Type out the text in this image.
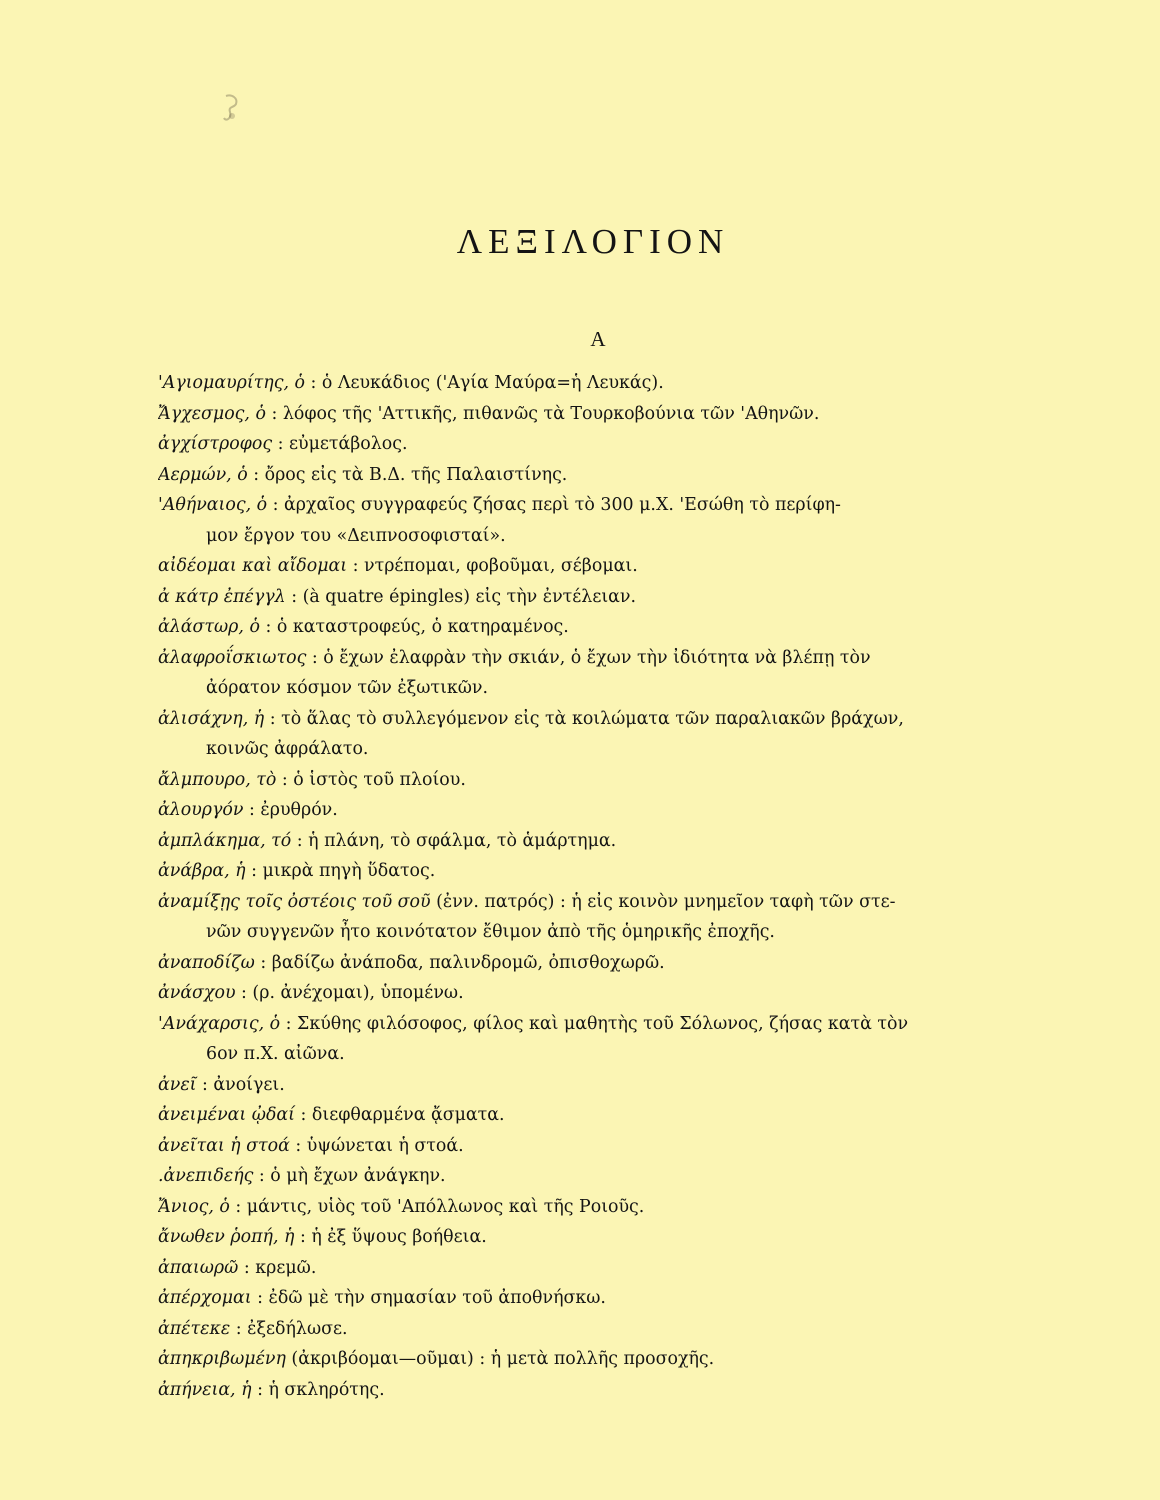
ΛΕΞΙΛΟΓΙΟΝ
Α
'Αγιομαυρίτης, ὁ : ὁ Λευκάδιος ('Αγία Μαύρα=ἡ Λευκάς).
Ἄγχεσμος, ὁ : λόφος τῆς 'Αττικῆς, πιθανῶς τὰ Τουρκοβούνια τῶν 'Αθηνῶν.
ἀγχίστροφος : εὐμετάβολος.
Αερμών, ὁ : ὄρος εἰς τὰ Β.Δ. τῆς Παλαιστίνης.
'Αθήναιος, ὁ : ἀρχαῖος συγγραφεύς ζήσας περὶ τὸ 300 μ.Χ. 'Εσώθη τὸ περίφη-
μον ἔργον του «Δειπνοσοφισταί».
αἰδέομαι καὶ αἴδομαι : ντρέπομαι, φοβοῦμαι, σέβομαι.
ἀ κάτρ ἐπέγγλ : (à quatre épingles) εἰς τὴν ἐντέλειαν.
ἀλάστωρ, ὁ : ὁ καταστροφεύς, ὁ κατηραμένος.
ἀλαφροΐσκιωτος : ὁ ἔχων ἐλαφρὰν τὴν σκιάν, ὁ ἔχων τὴν ἰδιότητα νὰ βλέπῃ τὸν
ἀόρατον κόσμον τῶν ἐξωτικῶν.
ἀλισάχνη, ἡ : τὸ ἅλας τὸ συλλεγόμενον εἰς τὰ κοιλώματα τῶν παραλιακῶν βράχων,
κοινῶς ἀφράλατο.
ἄλμπουρο, τὸ : ὁ ἱστὸς τοῦ πλοίου.
ἀλουργόν : ἐρυθρόν.
ἀμπλάκημα, τό : ἡ πλάνη, τὸ σφάλμα, τὸ ἁμάρτημα.
ἀνάβρα, ἡ : μικρὰ πηγὴ ὕδατος.
ἀναμίξῃς τοῖς ὀστέοις τοῦ σοῦ (ἐνν. πατρός) : ἡ εἰς κοινὸν μνημεῖον ταφὴ τῶν στε-
νῶν συγγενῶν ἦτο κοινότατον ἔθιμον ἀπὸ τῆς ὁμηρικῆς ἐποχῆς.
ἀναποδίζω : βαδίζω ἀνάποδα, παλινδρομῶ, ὀπισθοχωρῶ.
ἀνάσχου : (ρ. ἀνέχομαι), ὑπομένω.
'Ανάχαρσις, ὁ : Σκύθης φιλόσοφος, φίλος καὶ μαθητὴς τοῦ Σόλωνος, ζήσας κατὰ τὸν
6ον π.Χ. αἰῶνα.
ἀνεῖ : ἀνοίγει.
ἀνειμέναι ᾠδαί : διεφθαρμένα ᾄσματα.
ἀνεῖται ἡ στοά : ὑψώνεται ἡ στοά.
.ἀνεπιδεής : ὁ μὴ ἔχων ἀνάγκην.
Ἄνιος, ὁ : μάντις, υἱὸς τοῦ 'Απόλλωνος καὶ τῆς Ροιοῦς.
ἄνωθεν ῥοπή, ἡ : ἡ ἐξ ὕψους βοήθεια.
ἀπαιωρῶ : κρεμῶ.
ἀπέρχομαι : ἐδῶ μὲ τὴν σημασίαν τοῦ ἀποθνήσκω.
ἀπέτεκε : ἐξεδήλωσε.
ἀπηκριβωμένη (ἀκριβόομαι—οῦμαι) : ἡ μετὰ πολλῆς προσοχῆς.
ἀπήνεια, ἡ : ἡ σκληρότης.
